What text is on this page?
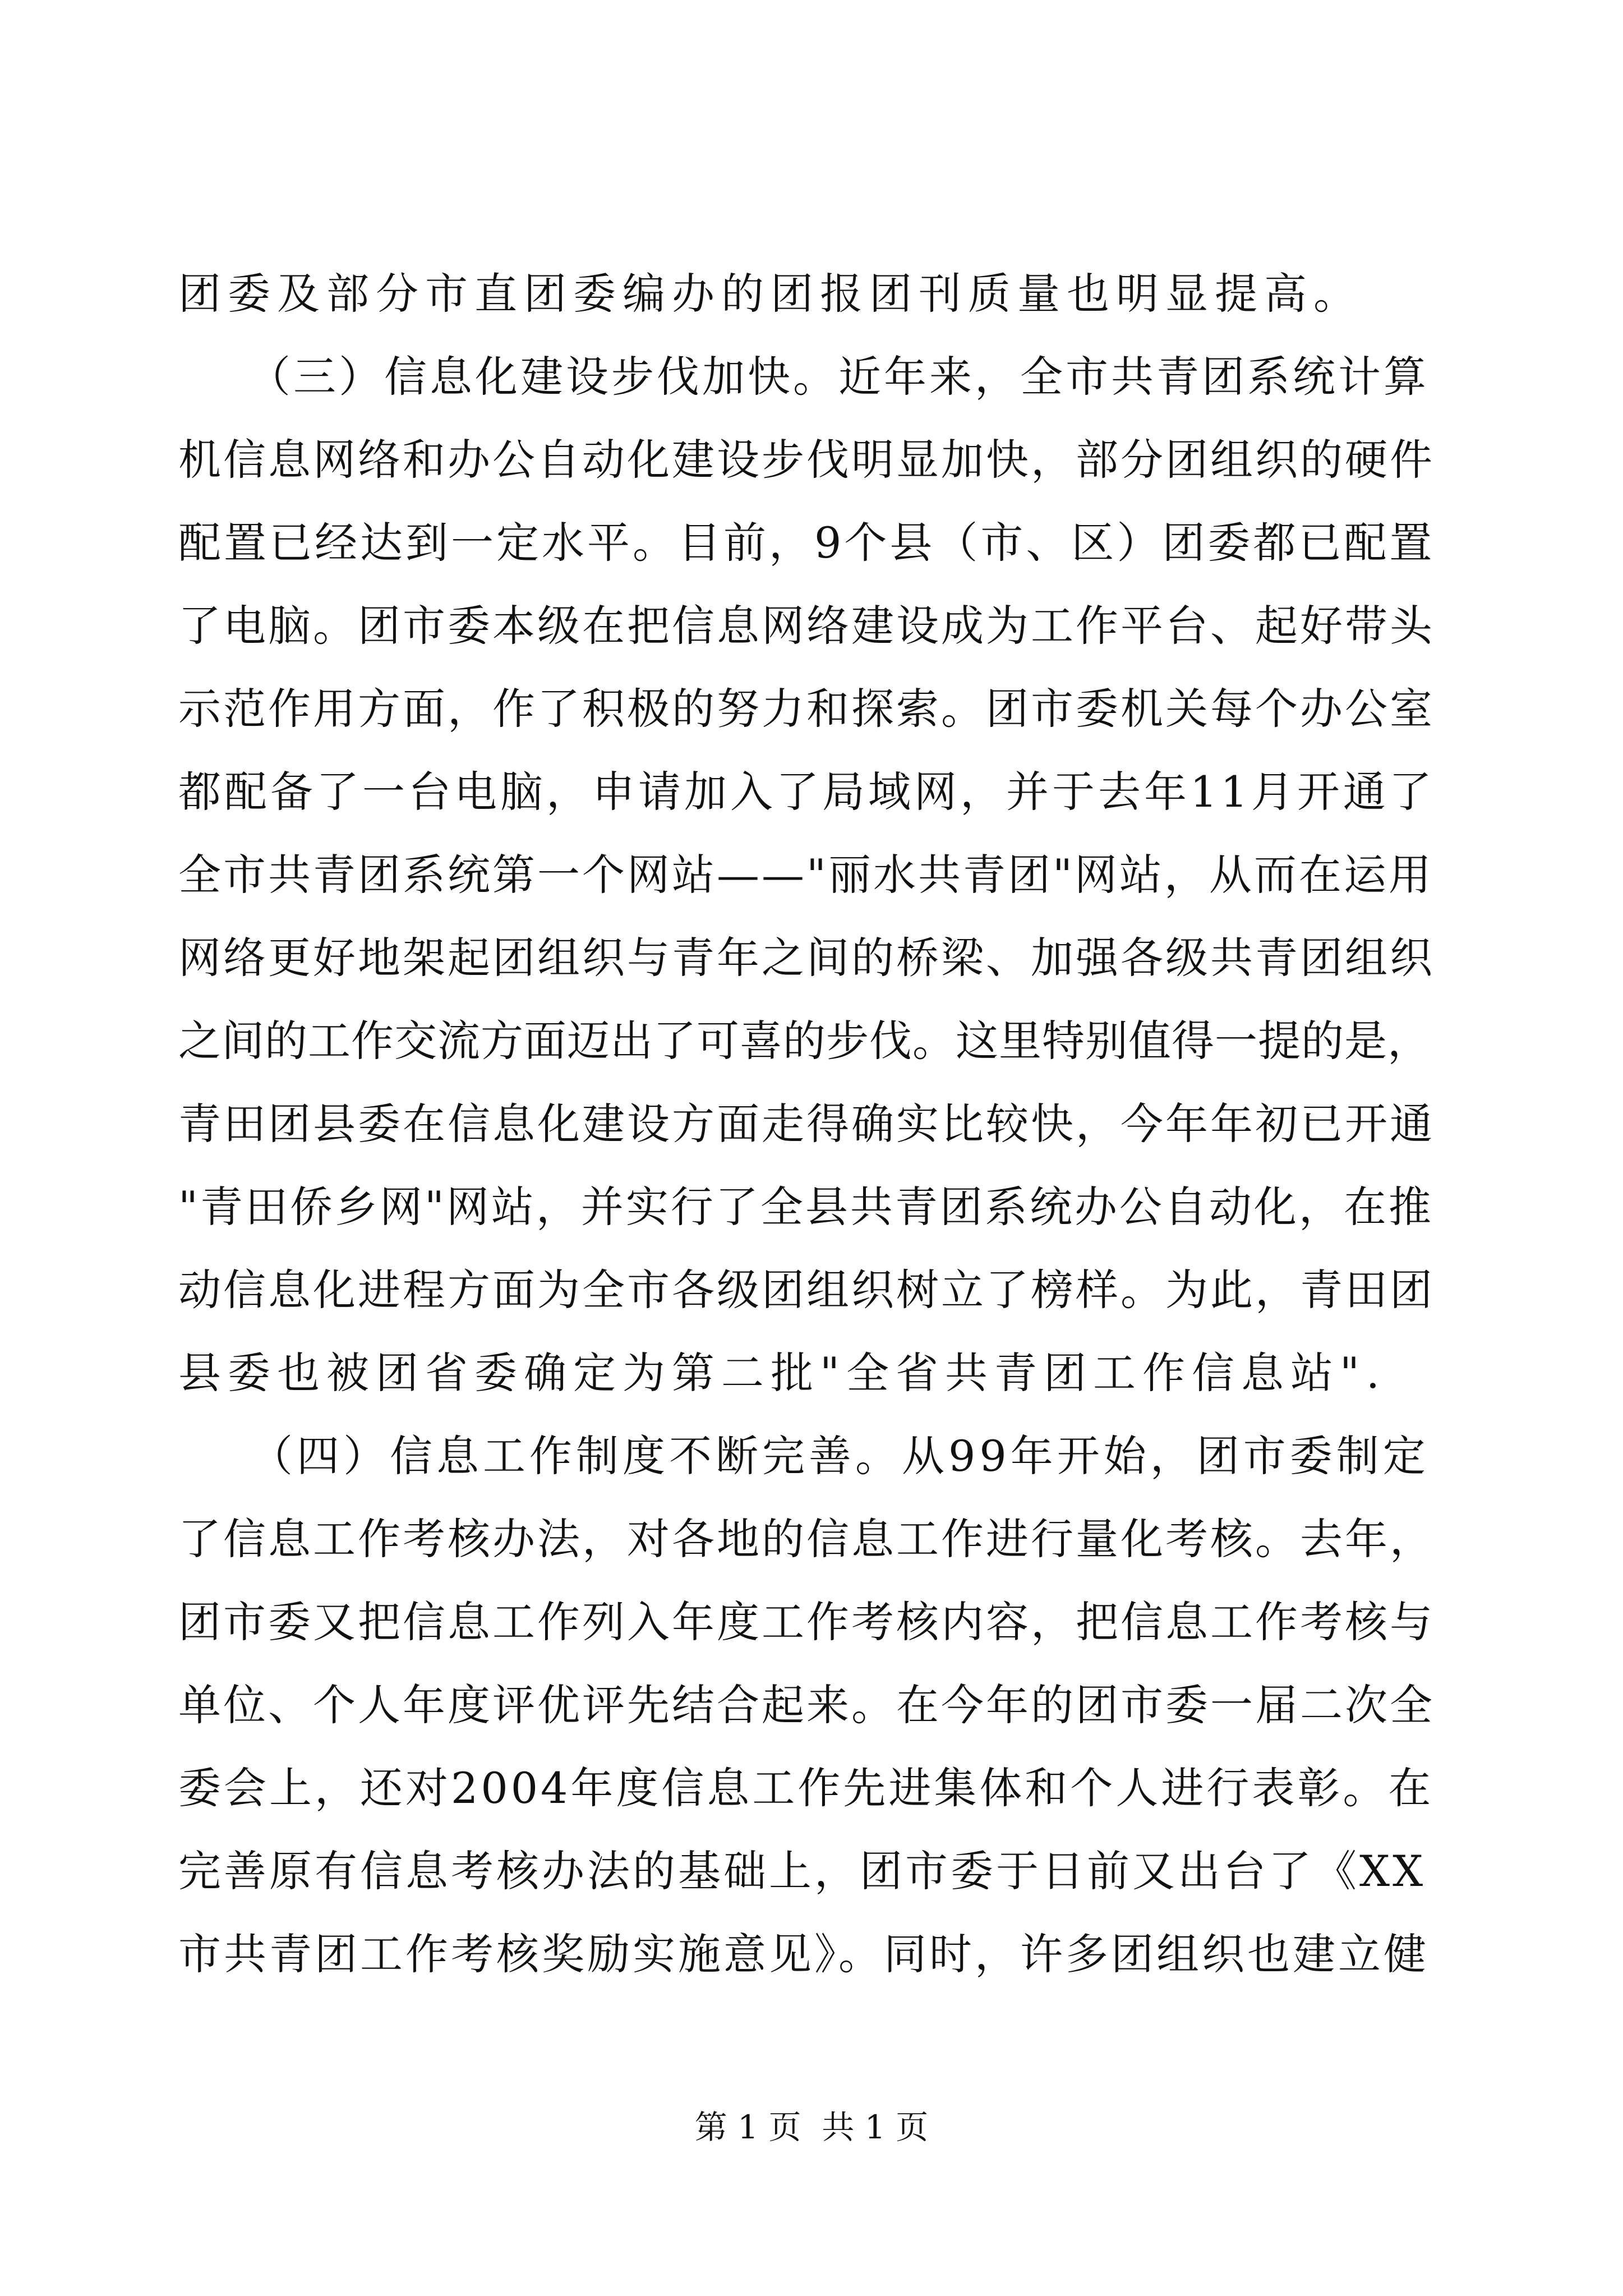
团委及部分市直团委编办的团报团刊质量也明显提高。
　　（三）信息化建设步伐加快。近年来，全市共青团系统计算
机信息网络和办公自动化建设步伐明显加快，部分团组织的硬件
配置已经达到一定水平。目前，9个县（市、区）团委都已配置
了电脑。团市委本级在把信息网络建设成为工作平台、起好带头
示范作用方面，作了积极的努力和探索。团市委机关每个办公室
都配备了一台电脑，申请加入了局域网，并于去年11月开通了
全市共青团系统第一个网站——"丽水共青团"网站，从而在运用
网络更好地架起团组织与青年之间的桥梁、加强各级共青团组织
之间的工作交流方面迈出了可喜的步伐。这里特别值得一提的是，
青田团县委在信息化建设方面走得确实比较快，今年年初已开通
"青田侨乡网"网站，并实行了全县共青团系统办公自动化，在推
动信息化进程方面为全市各级团组织树立了榜样。为此，青田团
县委也被团省委确定为第二批"全省共青团工作信息站".
　　（四）信息工作制度不断完善。从99年开始，团市委制定
了信息工作考核办法，对各地的信息工作进行量化考核。去年，
团市委又把信息工作列入年度工作考核内容，把信息工作考核与
单位、个人年度评优评先结合起来。在今年的团市委一届二次全
委会上，还对2004年度信息工作先进集体和个人进行表彰。在
完善原有信息考核办法的基础上，团市委于日前又出台了《XX
市共青团工作考核奖励实施意见》。同时，许多团组织也建立健
第 1 页  共 1 页
